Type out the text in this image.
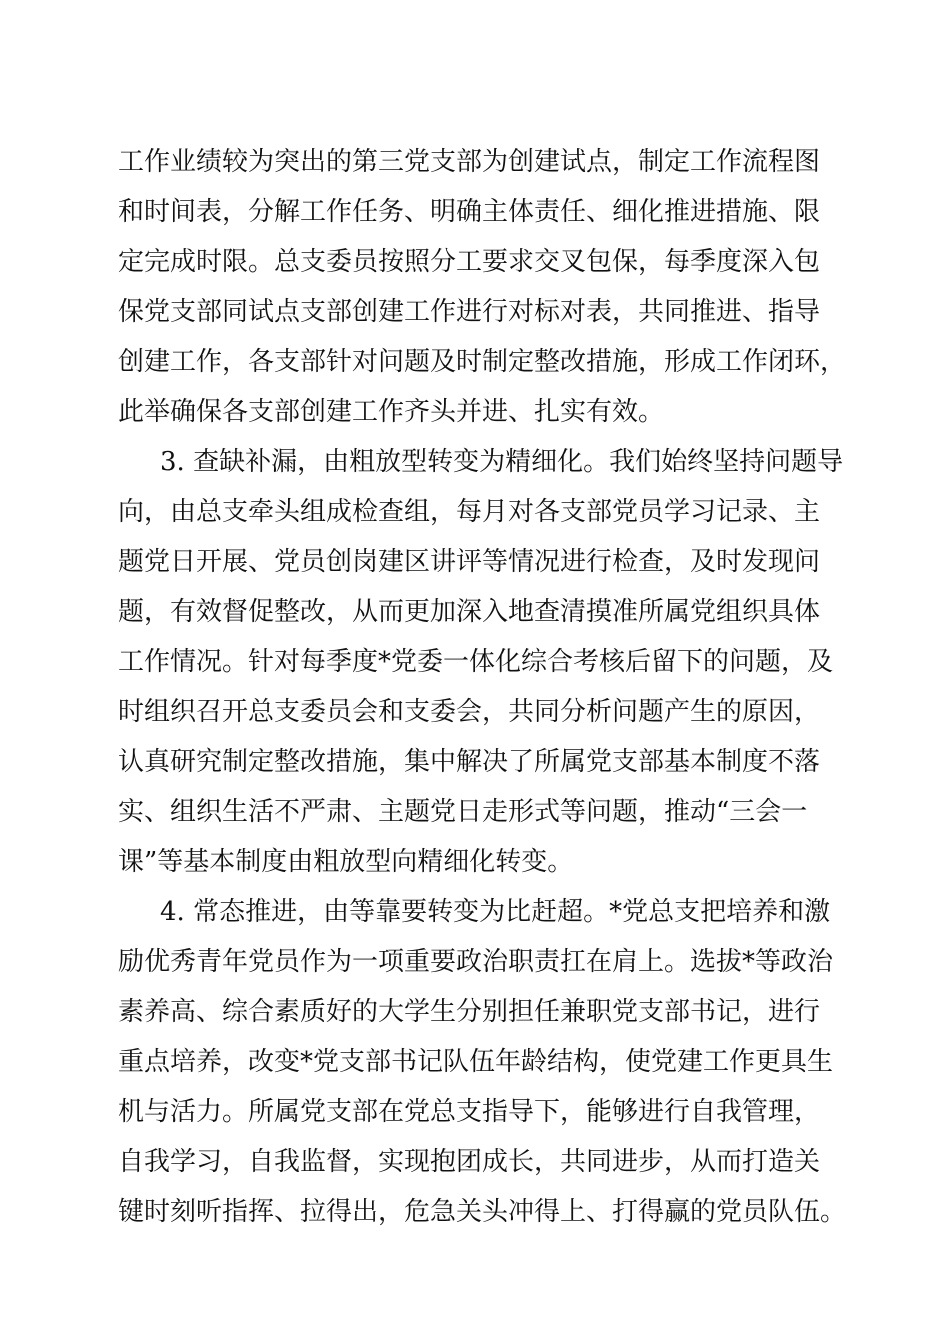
工作业绩较为突出的第三党支部为创建试点，制定工作流程图
和时间表，分解工作任务、明确主体责任、细化推进措施、限
定完成时限。总支委员按照分工要求交叉包保，每季度深入包
保党支部同试点支部创建工作进行对标对表，共同推进、指导
创建工作，各支部针对问题及时制定整改措施，形成工作闭环，
此举确保各支部创建工作齐头并进、扎实有效。
3. 查缺补漏，由粗放型转变为精细化。我们始终坚持问题导
向，由总支牵头组成检查组，每月对各支部党员学习记录、主
题党日开展、党员创岗建区讲评等情况进行检查，及时发现问
题，有效督促整改，从而更加深入地查清摸准所属党组织具体
工作情况。针对每季度*党委一体化综合考核后留下的问题，及
时组织召开总支委员会和支委会，共同分析问题产生的原因，
认真研究制定整改措施，集中解决了所属党支部基本制度不落
实、组织生活不严肃、主题党日走形式等问题，推动“三会一
课”等基本制度由粗放型向精细化转变。
4. 常态推进，由等靠要转变为比赶超。*党总支把培养和激
励优秀青年党员作为一项重要政治职责扛在肩上。选拔*等政治
素养高、综合素质好的大学生分别担任兼职党支部书记，进行
重点培养，改变*党支部书记队伍年龄结构，使党建工作更具生
机与活力。所属党支部在党总支指导下，能够进行自我管理，
自我学习，自我监督，实现抱团成长，共同进步，从而打造关
键时刻听指挥、拉得出，危急关头冲得上、打得赢的党员队伍。
